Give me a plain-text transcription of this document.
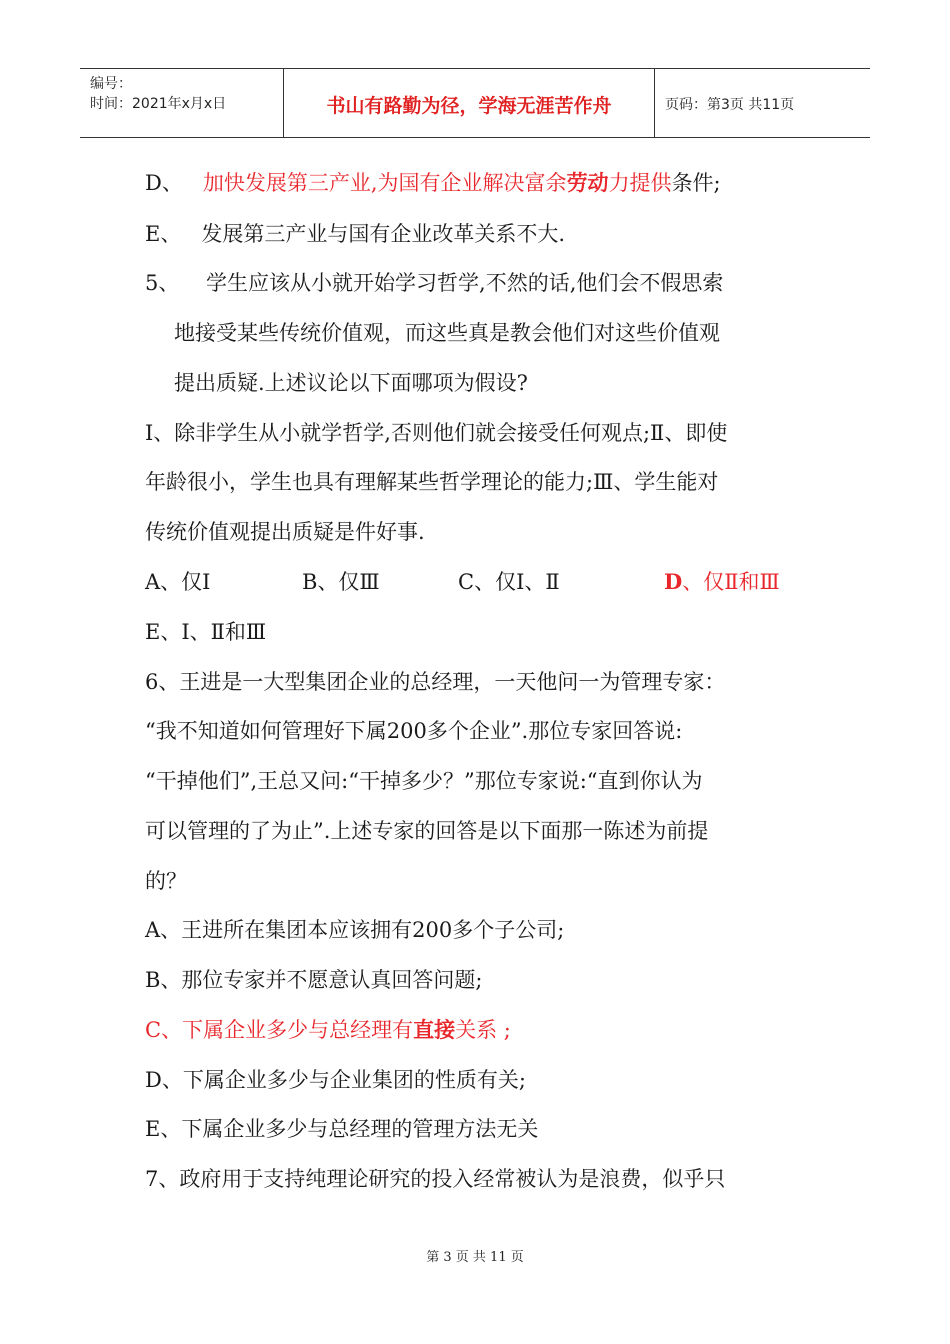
编号：
时间：2021年x月x日	书山有路勤为径，学海无涯苦作舟	页码：第3页 共11页
D、   加快发展第三产业,为国有企业解决富余劳动力提供条件;
E、   发展第三产业与国有企业改革关系不大.
5、    学生应该从小就开始学习哲学,不然的话,他们会不假思索
地接受某些传统价值观，而这些真是教会他们对这些价值观
提出质疑.上述议论以下面哪项为假设?
Ⅰ、除非学生从小就学哲学,否则他们就会接受任何观点;Ⅱ、即使
年龄很小，学生也具有理解某些哲学理论的能力;Ⅲ、学生能对
传统价值观提出质疑是件好事.
A、仅Ⅰ	B、仅Ⅲ	C、仅Ⅰ、Ⅱ	D、仅Ⅱ和Ⅲ
E、Ⅰ、Ⅱ和Ⅲ
6、王进是一大型集团企业的总经理，一天他问一为管理专家：
“我不知道如何管理好下属200多个企业”.那位专家回答说:
“干掉他们”,王总又问:“干掉多少？”那位专家说:“直到你认为
可以管理的了为止”.上述专家的回答是以下面那一陈述为前提
的？
A、王进所在集团本应该拥有200多个子公司;
B、那位专家并不愿意认真回答问题;
C、下属企业多少与总经理有直接关系 ;
D、下属企业多少与企业集团的性质有关;
E、下属企业多少与总经理的管理方法无关
7、政府用于支持纯理论研究的投入经常被认为是浪费，似乎只
第 3 页 共 11 页
